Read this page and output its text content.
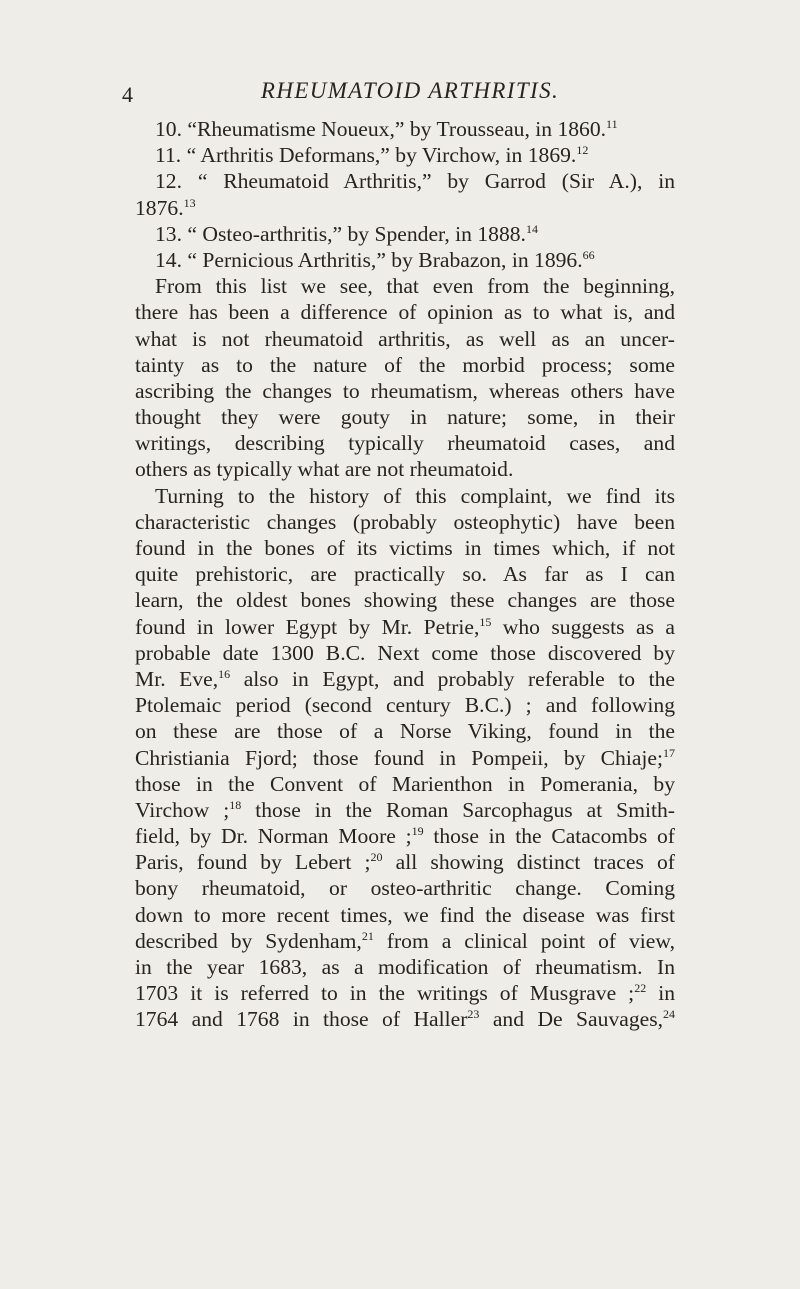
4	RHEUMATOID ARTHRITIS.
10. “Rheumatisme Noueux,” by Trousseau, in 1860.11
11. “ Arthritis Deformans,” by Virchow, in 1869.12
12. “ Rheumatoid Arthritis,” by Garrod (Sir A.), in
1876.13
13. “ Osteo-arthritis,” by Spender, in 1888.14
14. “ Pernicious Arthritis,” by Brabazon, in 1896.66
From this list we see, that even from the beginning,
there has been a difference of opinion as to what is, and
what is not rheumatoid arthritis, as well as an uncer-
tainty as to the nature of the morbid process; some
ascribing the changes to rheumatism, whereas others have
thought they were gouty in nature; some, in their
writings, describing typically rheumatoid cases, and
others as typically what are not rheumatoid.
Turning to the history of this complaint, we find its
characteristic changes (probably osteophytic) have been
found in the bones of its victims in times which, if not
quite prehistoric, are practically so. As far as I can
learn, the oldest bones showing these changes are those
found in lower Egypt by Mr. Petrie,$^{15}$ who suggests as a
probable date 1300 B.C. Next come those discovered by
Mr. Eve,$^{16}$ also in Egypt, and probably referable to the
Ptolemaic period (second century B.C.) ; and following
on these are those of a Norse Viking, found in the
Christiania Fjord; those found in Pompeii, by Chiaje;$^{17}$
those in the Convent of Marienthon in Pomerania, by
Virchow ;$^{18}$ those in the Roman Sarcophagus at Smith-
field, by Dr. Norman Moore ;$^{19}$ those in the Catacombs of
Paris, found by Lebert ;$^{20}$ all showing distinct traces of
bony rheumatoid, or osteo-arthritic change. Coming
down to more recent times, we find the disease was first
described by Sydenham,$^{21}$ from a clinical point of view,
in the year 1683, as a modification of rheumatism. In
1703 it is referred to in the writings of Musgrave ;$^{22}$ in
1764 and 1768 in those of Haller$^{23}$ and De Sauvages,$^{24}$
